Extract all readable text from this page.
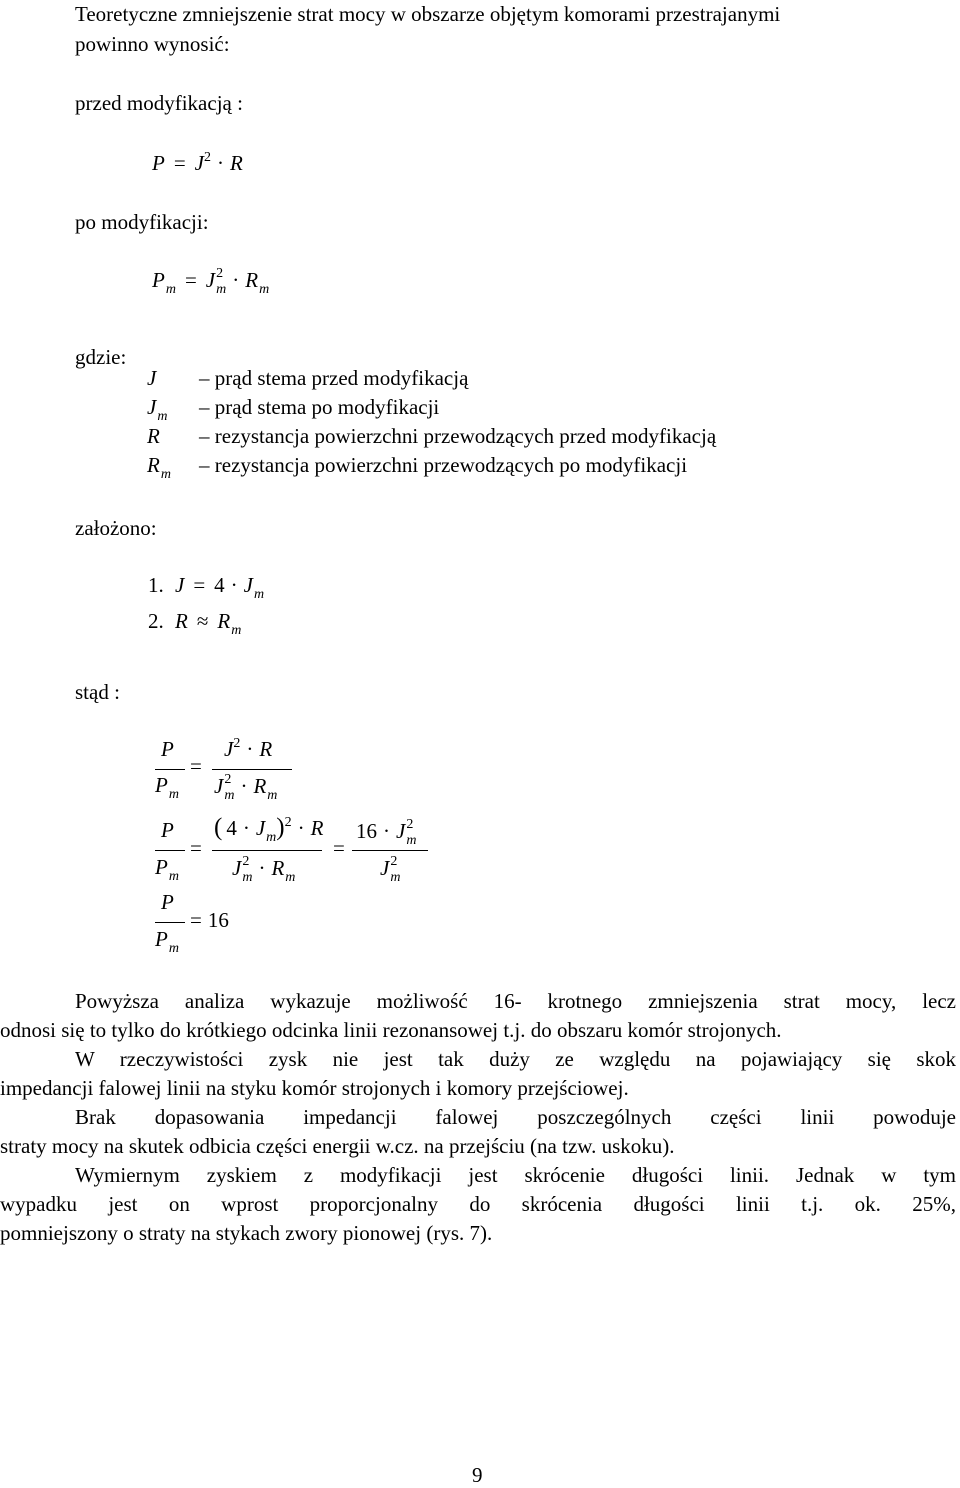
Teoretyczne zmniejszenie strat mocy w obszarze objętym komorami przestrajanymi
powinno wynosić:
przed modyfikacją :
$P = J^2 \cdot R$
po modyfikacji:
$P_m = J$ 2
$m \cdot R_m$
gdzie:
J – prąd stema przed modyfikacją
$J_m$ – prąd stema po modyfikacji
R – rezystancja powierzchni przewodzących przed modyfikacją
$R_m$ – rezystancja powierzchni przewodzących po modyfikacji
założono:
1. $J = 4 \cdot J_m$
2. $R \approx R_m$
stąd :
P
$P_m$
=
$J^2 \cdot R$
J 2
$m \cdot R_m$
P
$P_m$
=
( $4 \cdot J_m)^2 \cdot R$
J 2
$m \cdot R_m$
=
16 · J 2
m
J 2
m
P
$P_m$
= 16
Powyższa analiza wykazuje możliwość 16- krotnego zmniejszenia strat mocy, lecz
odnosi się to tylko do krótkiego odcinka linii rezonansowej t.j. do obszaru komór strojonych.
W rzeczywistości zysk nie jest tak duży ze względu na pojawiający się skok
impedancji falowej linii na styku komór strojonych i komory przejściowej.
Brak dopasowania impedancji falowej poszczególnych części linii powoduje
straty mocy na skutek odbicia części energii w.cz. na przejściu (na tzw. uskoku).
Wymiernym zyskiem z modyfikacji jest skrócenie długości linii. Jednak w tym
wypadku jest on wprost proporcjonalny do skrócenia długości linii t.j. ok. 25%,
pomniejszony o straty na stykach zwory pionowej (rys. 7).
9
